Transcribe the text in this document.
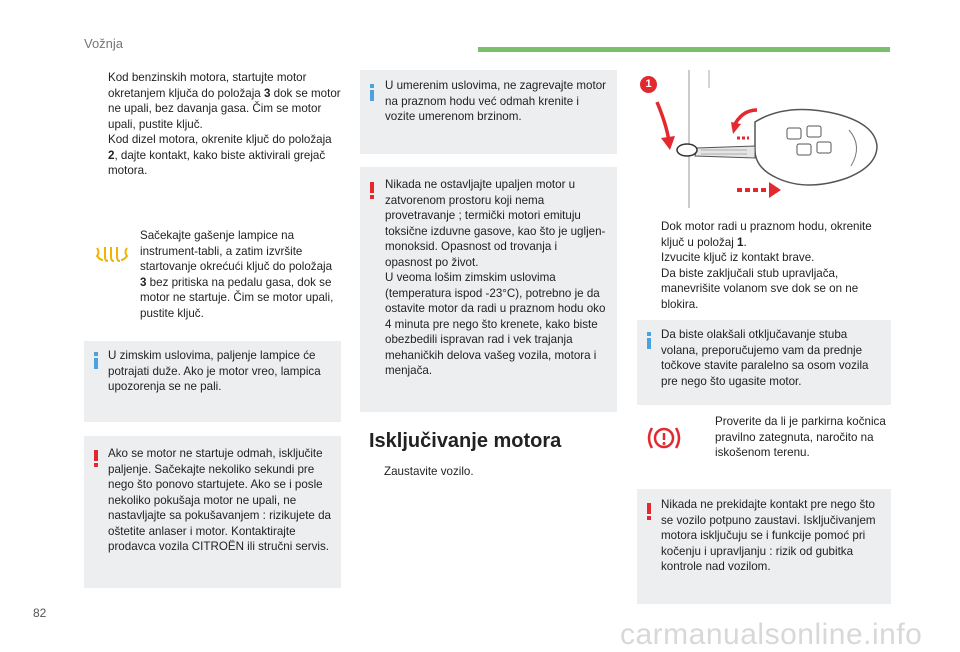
Vožnja
Kod benzinskih motora, startujte motor okretanjem ključa do položaja 3 dok se motor ne upali, bez davanja gasa. Čim se motor upali, pustite ključ.
Kod dizel motora, okrenite ključ do položaja 2, dajte kontakt, kako biste aktivirali grejač motora.
Sačekajte gašenje lampice na instrument-tabli, a zatim izvršite startovanje okrećući ključ do položaja 3 bez pritiska na pedalu gasa, dok se motor ne startuje. Čim se motor upali, pustite ključ.
U zimskim uslovima, paljenje lampice će potrajati duže. Ako je motor vreo, lampica upozorenja se ne pali.
Ako se motor ne startuje odmah, isključite paljenje. Sačekajte nekoliko sekundi pre nego što ponovo startujete. Ako se i posle nekoliko pokušaja motor ne upali, ne nastavljajte sa pokušavanjem : rizikujete da oštetite anlaser i motor. Kontaktirajte prodavca vozila CITROËN ili stručni servis.
U umerenim uslovima, ne zagrevajte motor na praznom hodu već odmah krenite i vozite umerenom brzinom.
Nikada ne ostavljajte upaljen motor u zatvorenom prostoru koji nema provetravanje ; termički motori emituju toksične izduvne gasove, kao što je ugljen-monoksid. Opasnost od trovanja i opasnost po život.
U veoma lošim zimskim uslovima (temperatura ispod -23°C), potrebno je da ostavite motor da radi u praznom hodu oko 4 minuta pre nego što krenete, kako biste obezbedili ispravan rad i vek trajanja mehaničkih delova vašeg vozila, motora i menjača.
Isključivanje motora
Zaustavite vozilo.
1
Dok motor radi u praznom hodu, okrenite ključ u položaj 1.
Izvucite ključ iz kontakt brave.
Da biste zaključali stub upravljača, manevrišite volanom sve dok se on ne blokira.
Da biste olakšali otključavanje stuba volana, preporučujemo vam da prednje točkove stavite paralelno sa osom vozila pre nego što ugasite motor.
Proverite da li je parkirna kočnica pravilno zategnuta, naročito na iskošenom terenu.
Nikada ne prekidajte kontakt pre nego što se vozilo potpuno zaustavi. Isključivanjem motora isključuju se i funkcije pomoć pri kočenju i upravljanju : rizik od gubitka kontrole nad vozilom.
82
carmanualsonline.info
